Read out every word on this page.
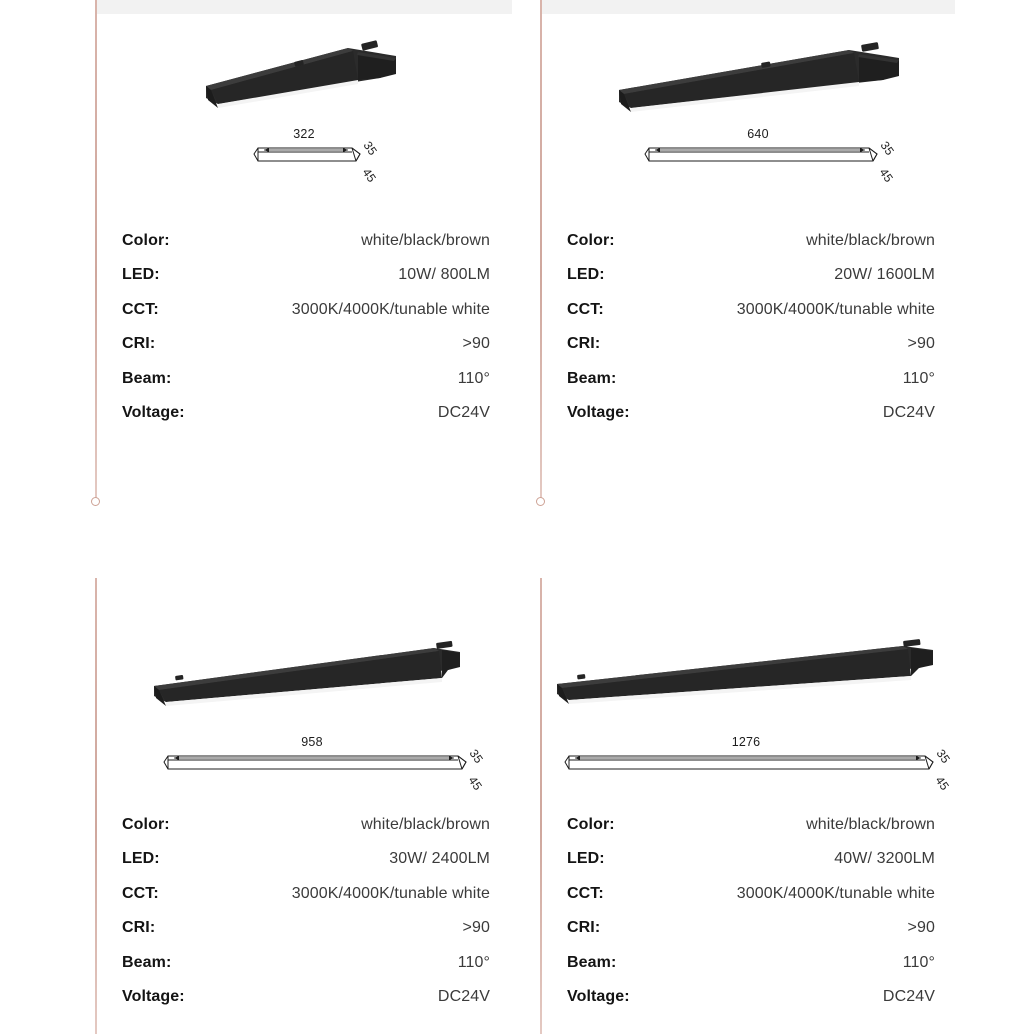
322
35
45
Color:	white/black/brown
LED:	10W/ 800LM
CCT:	3000K/4000K/tunable white
CRI:	>90
Beam:	110°
Voltage:	DC24V
640
35
45
Color:	white/black/brown
LED:	20W/ 1600LM
CCT:	3000K/4000K/tunable white
CRI:	>90
Beam:	110°
Voltage:	DC24V
958
35
45
Color:	white/black/brown
LED:	30W/ 2400LM
CCT:	3000K/4000K/tunable white
CRI:	>90
Beam:	110°
Voltage:	DC24V
1276
35
45
Color:	white/black/brown
LED:	40W/ 3200LM
CCT:	3000K/4000K/tunable white
CRI:	>90
Beam:	110°
Voltage:	DC24V
